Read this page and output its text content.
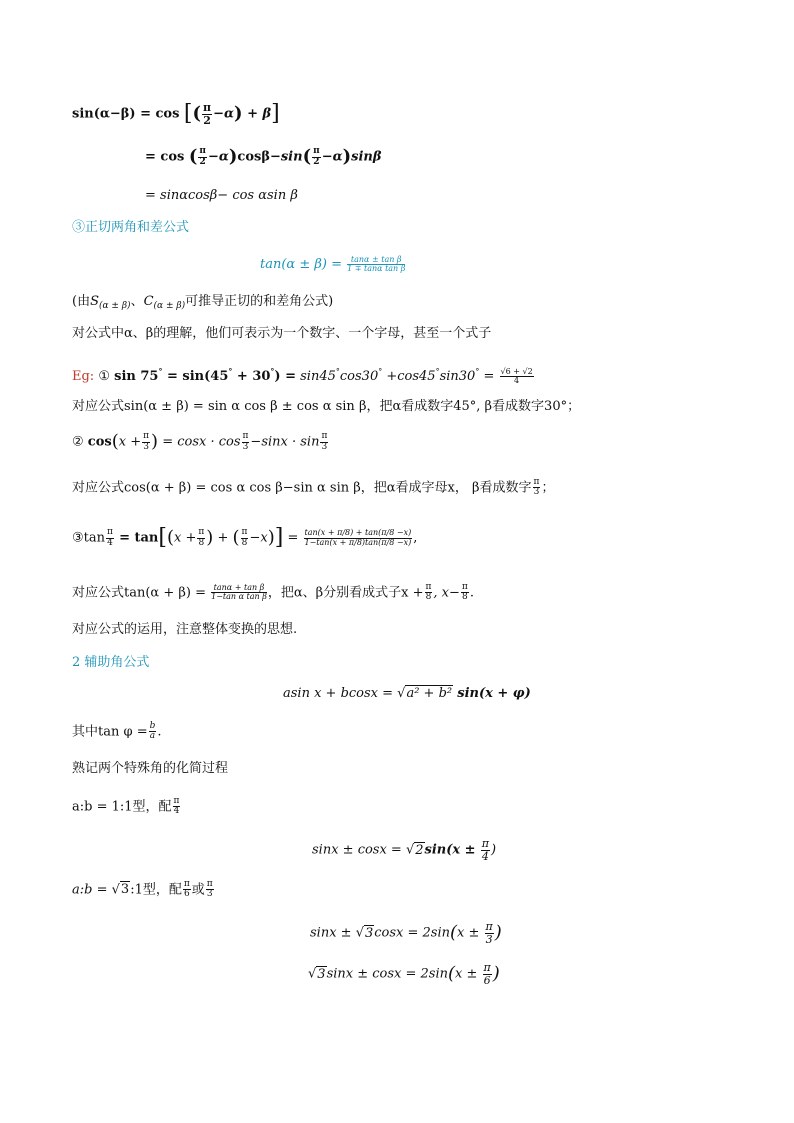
sin(α−β) = cos [( $\frac{\pi}{2} -\alpha) + \beta$]
= cos ( $\frac{\pi}{2} -\alpha)\cos\beta-\sin( \frac{\pi}{2} -\alpha)\sin\beta$
= sinαcosβ− cos αsin β
③正切两角和差公式
$\tan(\alpha \pm \beta) = \frac{\text{tanα ± tan β}}{\text{1 ∓ tanα tan β}}$
(由$S_{(\alpha \pm \beta)}$、$C_{(\alpha \pm \beta)}$可推导正切的和差角公式)
对公式中α、β的理解，他们可表示为一个数字、一个字母，甚至一个式子
Eg: ① $\sin 75^\circ = \sin(45^\circ + 30^\circ) = \sin 45^\circ\cos 30^\circ +\cos 45^\circ\sin 30^\circ = \frac{√6 + √2}{4}$
对应公式sin(α ± β) = sin α cos β ± cos α sin β，把α看成数字45°, β看成数字30°；
② $\cos(x + \frac{\pi}{3}$ ) = $\cos x \cdot \cos \frac{\pi}{3} -\sin x \cdot \sin \frac{\pi}{3}$
对应公式cos(α + β) = cos α cos β−sin α sin β，把α看成字母x， β看成数字 $\frac{\pi}{3}$ ；
③tan $\frac{\pi}{4} = \tan[(x + \frac{\pi}{8}$ ) + ( $\frac{\pi}{8} -x)] = \frac{\tan(x + \pi/8) + \tan(\pi/8 -x)}{1-\tan(x + \pi/8)\tan(\pi/8 -x)}$ ,
对应公式$\tan(\alpha + \beta) = \frac{\text{tanα + tan β}}{\text{1−tan α tan β}}$ ，把α、β分别看成式子$x + \frac{\pi}{8}$ , $x- \frac{\pi}{8}$ .
对应公式的运用，注意整体变换的思想.
2 辅助角公式
asin x + bcosx = √a² + b² sin(x + φ)
其中$\tan \varphi = \frac{b}{a}$ .
熟记两个特殊角的化简过程
a:b = 1:1型，配 $\frac{\pi}{4}$
$\sin x \pm \cos x = √2\sin(x \pm \frac{\pi}{4}$ )
a:b = √3:1型，配 $\frac{\pi}{6}$ 或 $\frac{\pi}{3}$
$\sin x \pm √3\cos x = 2\sin(x \pm \frac{\pi}{3}$ )
$√3\sin x \pm \cos x = 2\sin(x \pm \frac{\pi}{6}$ )
